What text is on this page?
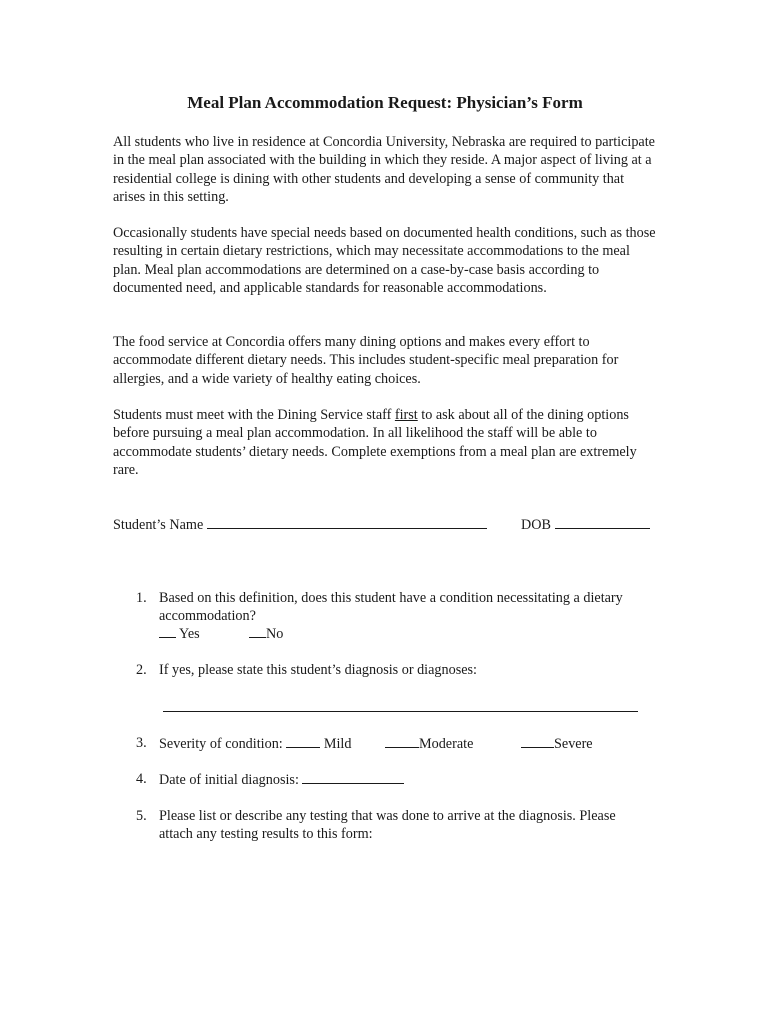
Meal Plan Accommodation Request: Physician’s Form

All students who live in residence at Concordia University, Nebraska are required to participate in the meal plan associated with the building in which they reside. A major aspect of living at a residential college is dining with other students and developing a sense of community that arises in this setting.

Occasionally students have special needs based on documented health conditions, such as those resulting in certain dietary restrictions, which may necessitate accommodations to the meal plan. Meal plan accommodations are determined on a case-by-case basis according to documented need, and applicable standards for reasonable accommodations.

The food service at Concordia offers many dining options and makes every effort to accommodate different dietary needs. This includes student-specific meal preparation for allergies, and a wide variety of healthy eating choices.

Students must meet with the Dining Service staff first to ask about all of the dining options before pursuing a meal plan accommodation. In all likelihood the staff will be able to accommodate students’ dietary needs. Complete exemptions from a meal plan are extremely rare.

Student’s Name	DOB
1. Based on this definition, does this student have a condition necessitating a dietary accommodation?
Yes	No
2. If yes, please state this student’s diagnosis or diagnoses:
3. Severity of condition:	Mild	Moderate	Severe
4. Date of initial diagnosis:
5. Please list or describe any testing that was done to arrive at the diagnosis. Please attach any testing results to this form:
